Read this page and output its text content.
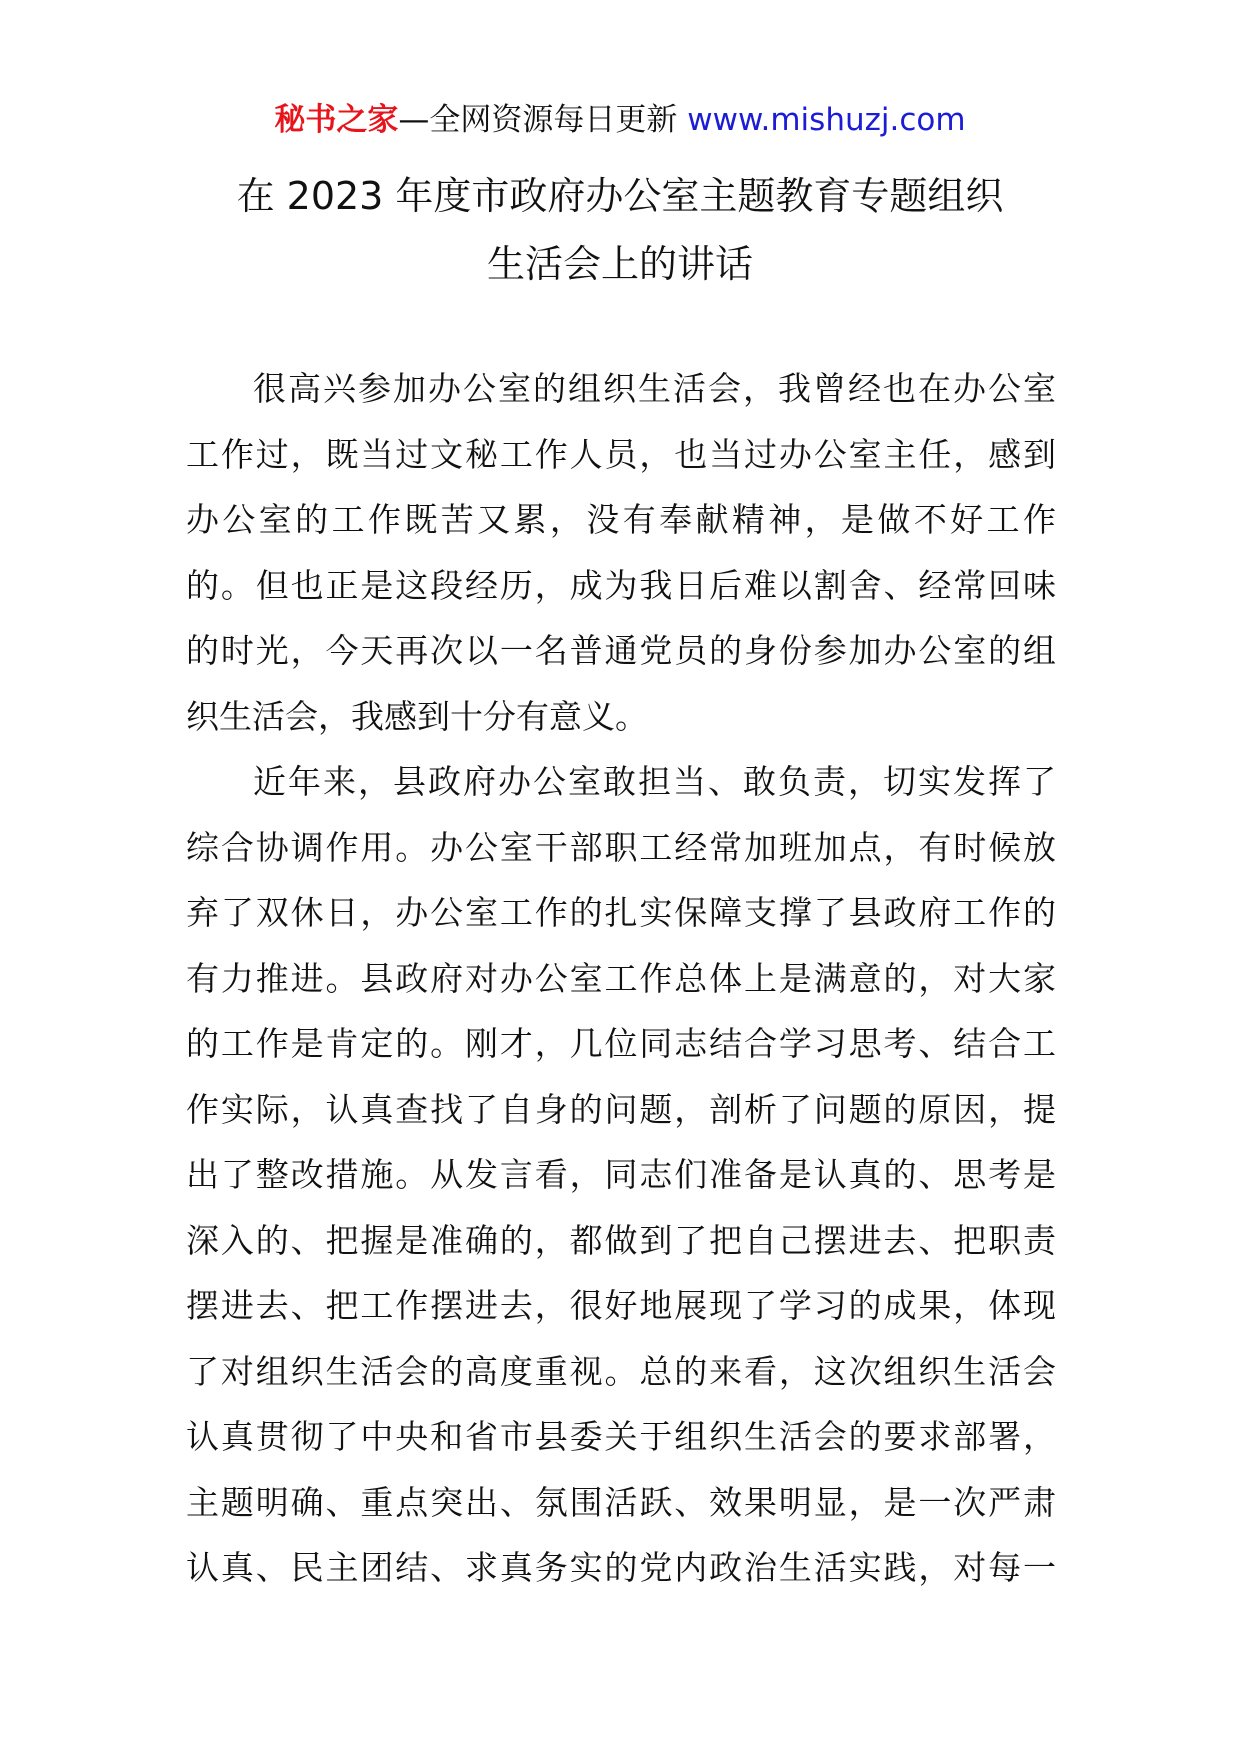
秘书之家—全网资源每日更新 www.mishuzj.com
在 2023 年度市政府办公室主题教育专题组织
生活会上的讲话
很高兴参加办公室的组织生活会，我曾经也在办公室
工作过，既当过文秘工作人员，也当过办公室主任，感到
办公室的工作既苦又累，没有奉献精神，是做不好工作
的。但也正是这段经历，成为我日后难以割舍、经常回味
的时光，今天再次以一名普通党员的身份参加办公室的组
织生活会，我感到十分有意义。
近年来，县政府办公室敢担当、敢负责，切实发挥了
综合协调作用。办公室干部职工经常加班加点，有时候放
弃了双休日，办公室工作的扎实保障支撑了县政府工作的
有力推进。县政府对办公室工作总体上是满意的，对大家
的工作是肯定的。刚才，几位同志结合学习思考、结合工
作实际，认真查找了自身的问题，剖析了问题的原因，提
出了整改措施。从发言看，同志们准备是认真的、思考是
深入的、把握是准确的，都做到了把自己摆进去、把职责
摆进去、把工作摆进去，很好地展现了学习的成果，体现
了对组织生活会的高度重视。总的来看，这次组织生活会
认真贯彻了中央和省市县委关于组织生活会的要求部署，
主题明确、重点突出、氛围活跃、效果明显，是一次严肃
认真、民主团结、求真务实的党内政治生活实践，对每一
